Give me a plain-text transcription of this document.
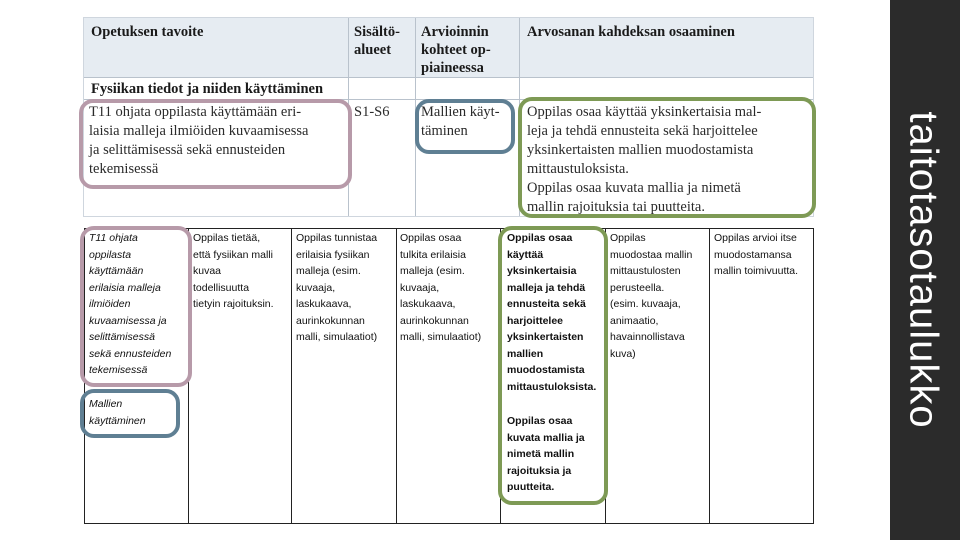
taitotasotaulukko
Opetuksen tavoite	Sisältö-
alueet
Arvioinnin
kohteet op-
piaineessa
Arvosanan kahdeksan osaaminen
Fysiikan tiedot ja niiden käyttäminen
T11 ohjata oppilasta käyttämään eri-
laisia malleja ilmiöiden kuvaamisessa
ja selittämisessä sekä ennusteiden
tekemisessä
S1-S6 Mallien käyt-
täminen
Oppilas osaa käyttää yksinkertaisia mal-
leja ja tehdä ennusteita sekä harjoittelee
yksinkertaisten mallien muodostamista
mittaustuloksista.
Oppilas osaa kuvata mallia ja nimetä
mallin rajoituksia tai puutteita.
T11 ohjata
oppilasta
käyttämään
erilaisia malleja
ilmiöiden
kuvaamisessa ja
selittämisessä
sekä ennusteiden
tekemisessä
Mallien
käyttäminen
Oppilas tietää,
että fysiikan malli
kuvaa
todellisuutta
tietyin rajoituksin.
Oppilas tunnistaa
erilaisia fysiikan
malleja (esim.
kuvaaja,
laskukaava,
aurinkokunnan
malli, simulaatiot)
Oppilas osaa
tulkita erilaisia
malleja (esim.
kuvaaja,
laskukaava,
aurinkokunnan
malli, simulaatiot)
Oppilas osaa
käyttää
yksinkertaisia
malleja ja tehdä
ennusteita sekä
harjoittelee
yksinkertaisten
mallien
muodostamista
mittaustuloksista.
Oppilas osaa
kuvata mallia ja
nimetä mallin
rajoituksia ja
puutteita.
Oppilas
muodostaa mallin
mittaustulosten
perusteella.
(esim. kuvaaja,
animaatio,
havainnollistava
kuva)
Oppilas arvioi itse
muodostamansa
mallin toimivuutta.
